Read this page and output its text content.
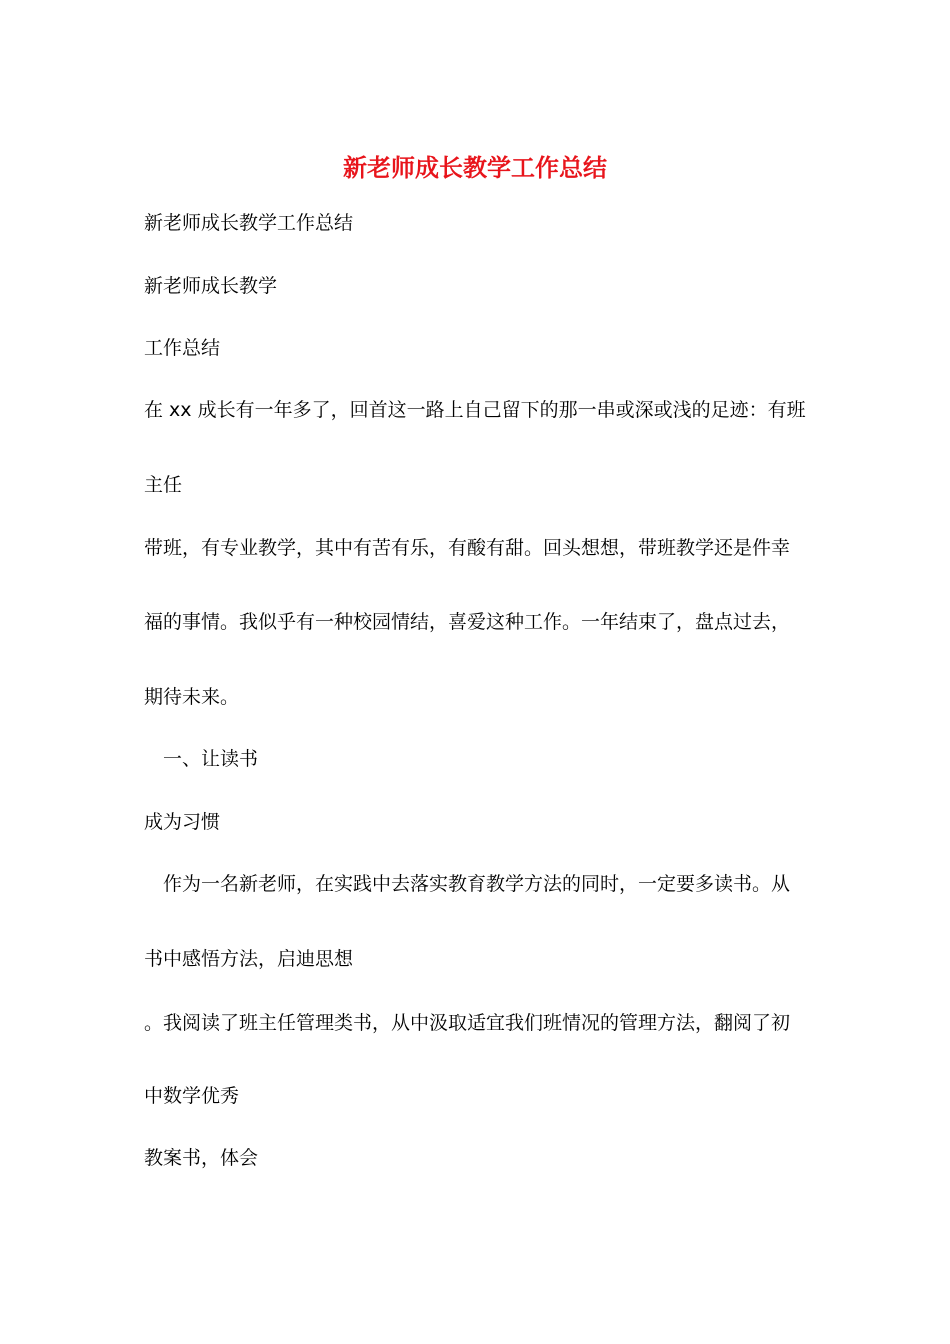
新老师成长教学工作总结

新老师成长教学工作总结

新老师成长教学

工作总结

在 xx 成长有一年多了，回首这一路上自己留下的那一串或深或浅的足迹：有班

主任

带班，有专业教学，其中有苦有乐，有酸有甜。回头想想，带班教学还是件幸

福的事情。我似乎有一种校园情结，喜爱这种工作。一年结束了，盘点过去，

期待未来。

一、让读书

成为习惯

作为一名新老师，在实践中去落实教育教学方法的同时，一定要多读书。从

书中感悟方法，启迪思想

。我阅读了班主任管理类书，从中汲取适宜我们班情况的管理方法，翻阅了初

中数学优秀

教案书，体会
